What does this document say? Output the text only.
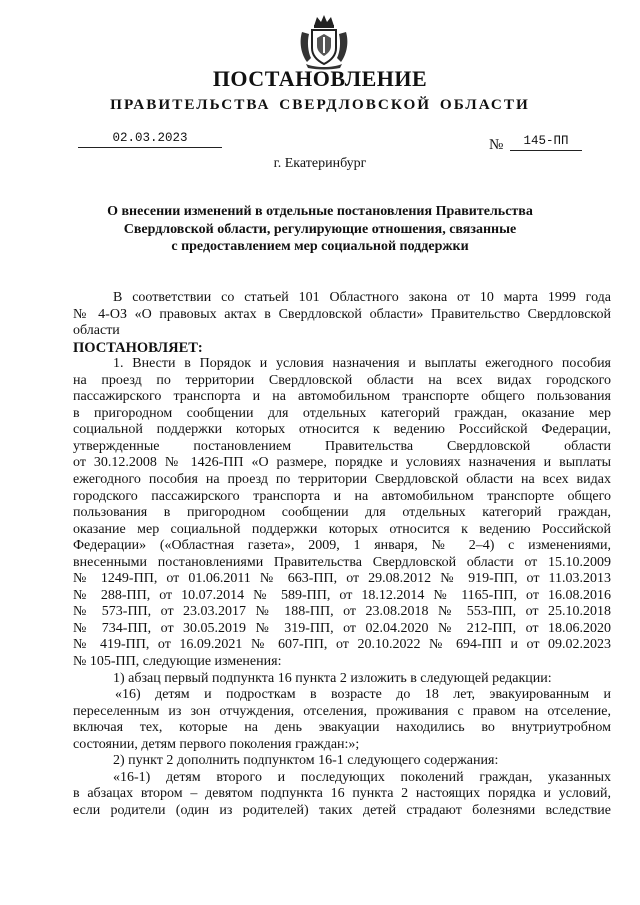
ПОСТАНОВЛЕНИЕ
ПРАВИТЕЛЬСТВА СВЕРДЛОВСКОЙ ОБЛАСТИ
02.03.2023	№	145-ПП
г. Екатеринбург
О внесении изменений в отдельные постановления Правительства
Свердловской области, регулирующие отношения, связанные
с предоставлением мер социальной поддержки

В соответствии со статьей 101 Областного закона от 10 марта 1999 года

№ 4-ОЗ «О правовых актах в Свердловской области» Правительство Свердловской

области

ПОСТАНОВЛЯЕТ:

1. Внести в Порядок и условия назначения и выплаты ежегодного пособия

на проезд по территории Свердловской области на всех видах городского

пассажирского транспорта и на автомобильном транспорте общего пользования

в пригородном сообщении для отдельных категорий граждан, оказание мер

социальной поддержки которых относится к ведению Российской Федерации,

утвержденные постановлением Правительства Свердловской области

от 30.12.2008 № 1426-ПП «О размере, порядке и условиях назначения и выплаты

ежегодного пособия на проезд по территории Свердловской области на всех видах

городского пассажирского транспорта и на автомобильном транспорте общего

пользования в пригородном сообщении для отдельных категорий граждан,

оказание мер социальной поддержки которых относится к ведению Российской

Федерации» («Областная газета», 2009, 1 января, № 2–4) с изменениями,

внесенными постановлениями Правительства Свердловской области от 15.10.2009

№ 1249-ПП, от 01.06.2011 № 663-ПП, от 29.08.2012 № 919-ПП, от 11.03.2013

№ 288-ПП, от 10.07.2014 № 589-ПП, от 18.12.2014 № 1165-ПП, от 16.08.2016

№ 573-ПП, от 23.03.2017 № 188-ПП, от 23.08.2018 № 553-ПП, от 25.10.2018

№ 734-ПП, от 30.05.2019 № 319-ПП, от 02.04.2020 № 212-ПП, от 18.06.2020

№ 419-ПП, от 16.09.2021 № 607-ПП, от 20.10.2022 № 694-ПП и от 09.02.2023

№ 105-ПП, следующие изменения:

1) абзац первый подпункта 16 пункта 2 изложить в следующей редакции:

«16) детям и подросткам в возрасте до 18 лет, эвакуированным и

переселенным из зон отчуждения, отселения, проживания с правом на отселение,

включая тех, которые на день эвакуации находились во внутриутробном

состоянии, детям первого поколения граждан:»;

2) пункт 2 дополнить подпунктом 16-1 следующего содержания:

«16-1) детям второго и последующих поколений граждан, указанных

в абзацах втором – девятом подпункта 16 пункта 2 настоящих порядка и условий,

если родители (один из родителей) таких детей страдают болезнями вследствие
